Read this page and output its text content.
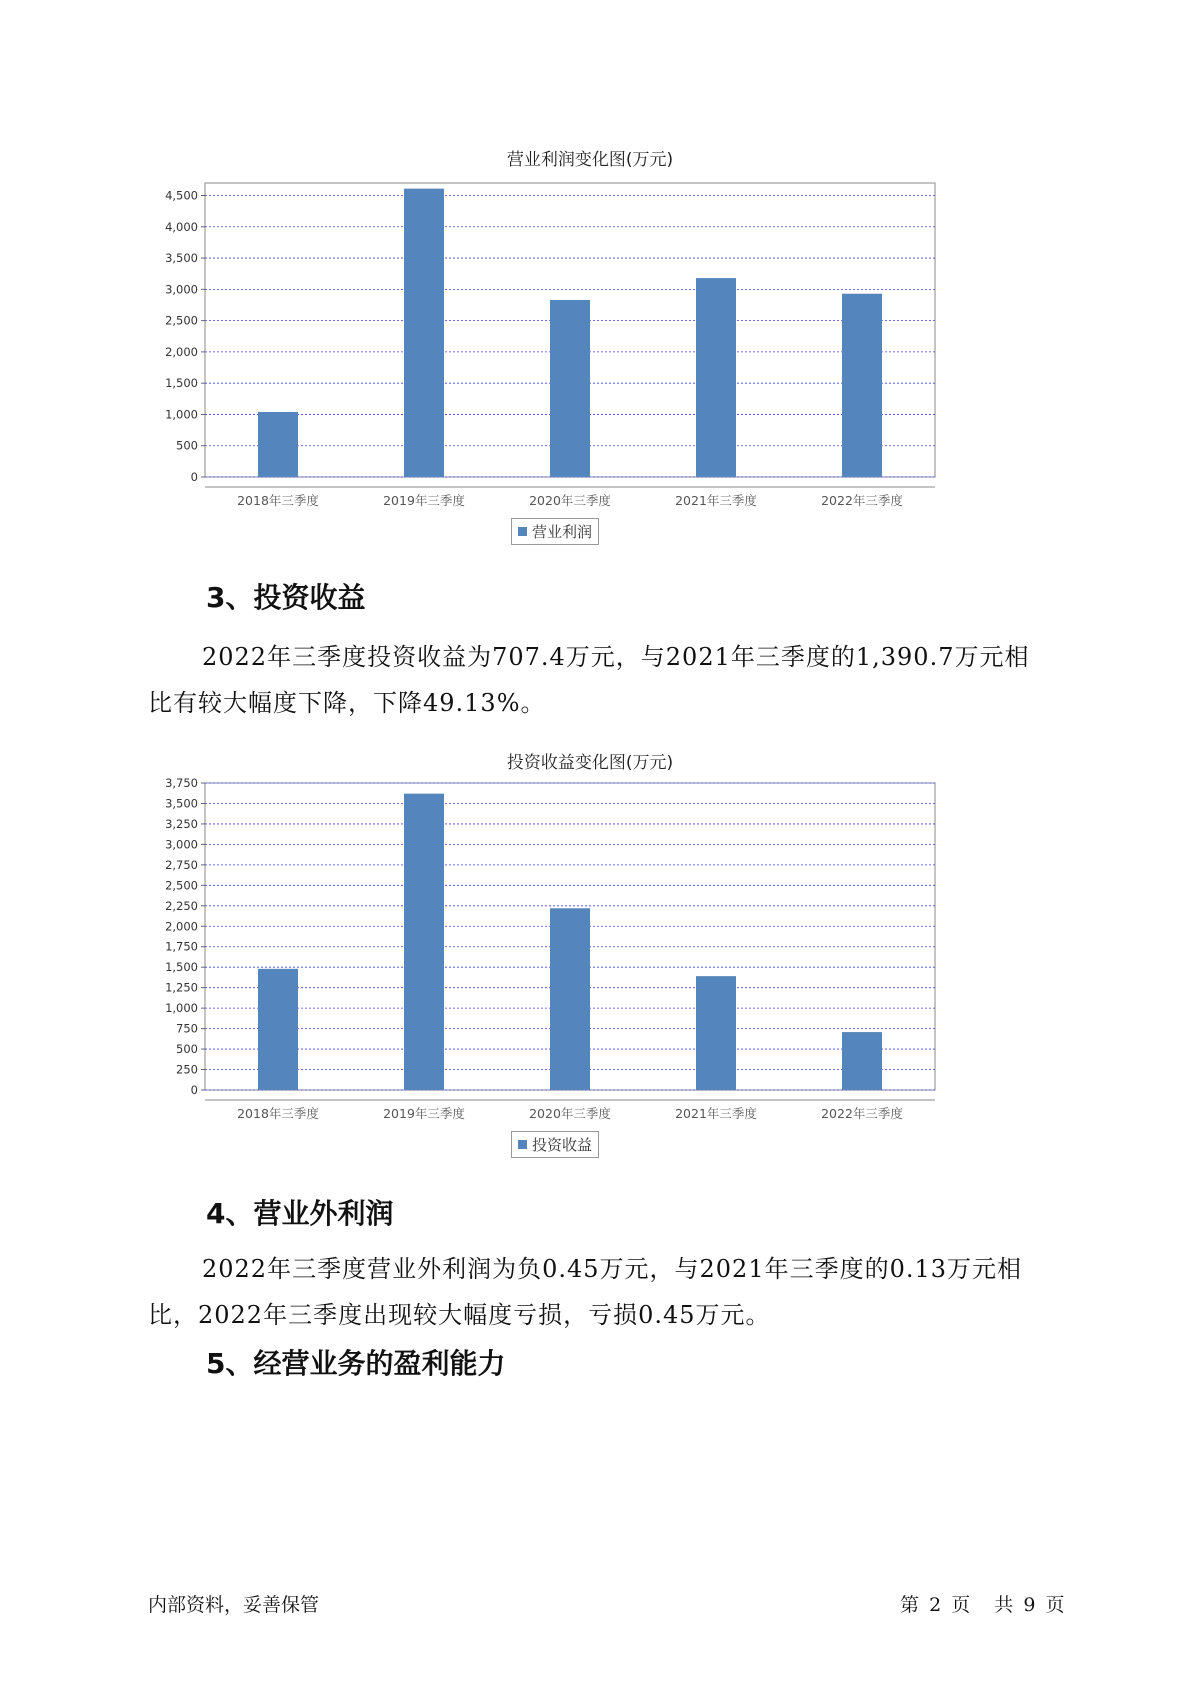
营业利润变化图(万元)
0
500
1,000
1,500
2,000
2,500
3,000
3,500
4,000
4,500
2018年三季度	2019年三季度	2020年三季度	2021年三季度	2022年三季度
营业利润
3、投资收益
2022年三季度投资收益为707.4万元，与2021年三季度的1,390.7万元相比有较大幅度下降，下降49.13%。
投资收益变化图(万元)
0
250
500
750
1,000
1,250
1,500
1,750
2,000
2,250
2,500
2,750
3,000
3,250
3,500
3,750
2018年三季度	2019年三季度	2020年三季度	2021年三季度	2022年三季度
投资收益
4、营业外利润
2022年三季度营业外利润为负0.45万元，与2021年三季度的0.13万元相比，2022年三季度出现较大幅度亏损，亏损0.45万元。
5、经营业务的盈利能力
内部资料，妥善保管	第 2 页 共 9 页
